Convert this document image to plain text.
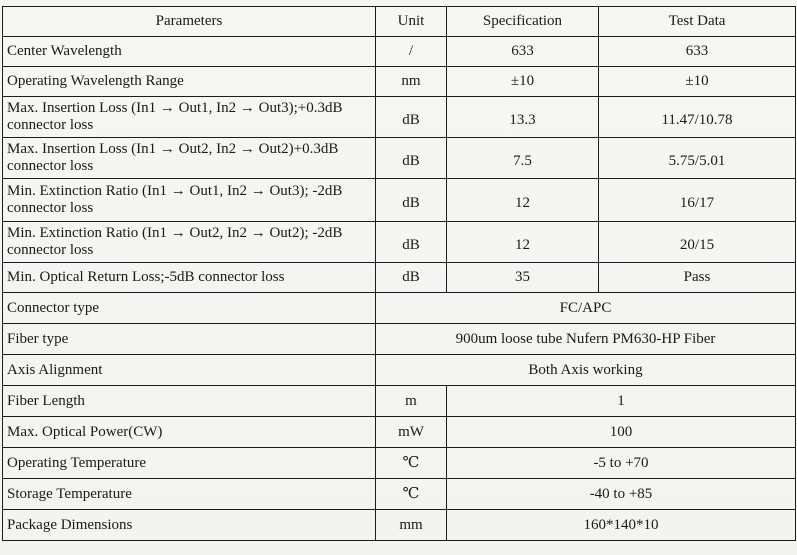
Parameters	Unit	Specification	Test Data
Center Wavelength	/	633	633
Operating Wavelength Range	nm	±10	±10

Max. Insertion Loss (In1 → Out1, In2 → Out3);+0.3dB connector loss	dB	13.3	11.47/10.78

Max. Insertion Loss (In1 → Out2, In2 → Out2)+0.3dB connector loss	dB	7.5	5.75/5.01

Min. Extinction Ratio (In1 → Out1, In2 → Out3); -2dB connector loss	dB	12	16/17

Min. Extinction Ratio (In1 → Out2, In2 → Out2); -2dB connector loss	dB	12	20/15
Min. Optical Return Loss;-5dB connector loss	dB	35	Pass
Connector type	FC/APC		
Fiber type	900um loose tube Nufern PM630-HP Fiber		
Axis Alignment	Both Axis working		
Fiber Length	m	1	
Max. Optical Power(CW)	mW	100	
Operating Temperature	℃	-5 to +70	
Storage Temperature	℃	-40 to +85	
Package Dimensions	mm	160*140*10	
